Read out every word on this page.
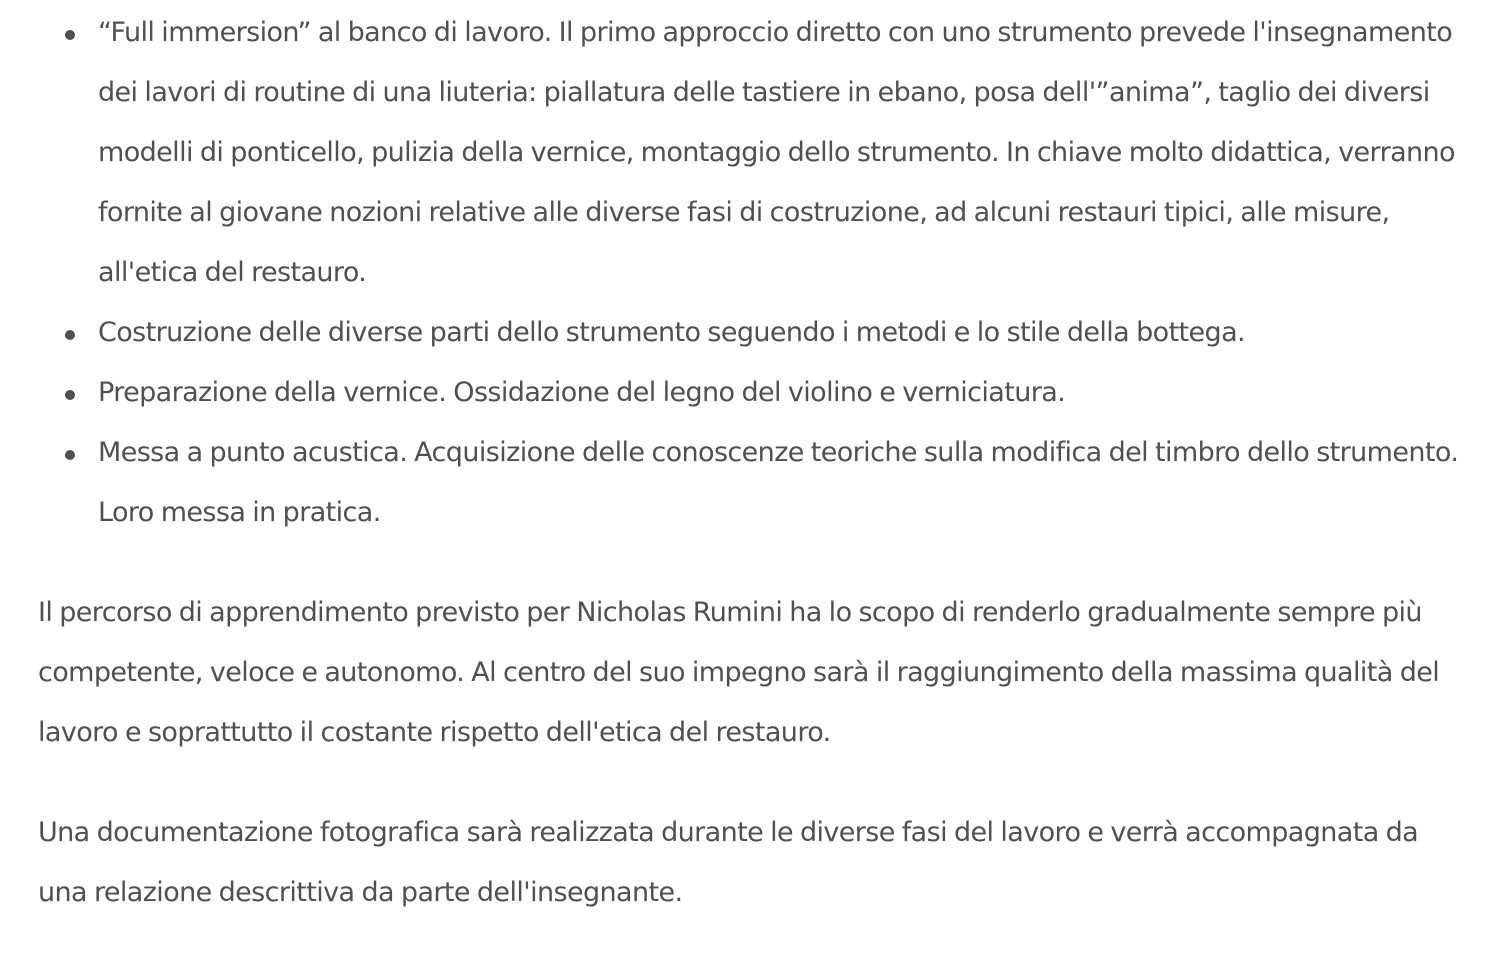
“Full immersion” al banco di lavoro. Il primo approccio diretto con uno strumento prevede l'insegnamento dei lavori di routine di una liuteria: piallatura delle tastiere in ebano, posa dell'”anima”, taglio dei diversi modelli di ponticello, pulizia della vernice, montaggio dello strumento. In chiave molto didattica, verranno fornite al giovane nozioni relative alle diverse fasi di costruzione, ad alcuni restauri tipici, alle misure, all'etica del restauro.
Costruzione delle diverse parti dello strumento seguendo i metodi e lo stile della bottega.
Preparazione della vernice. Ossidazione del legno del violino e verniciatura.
Messa a punto acustica. Acquisizione delle conoscenze teoriche sulla modifica del timbro dello strumento. Loro messa in pratica.

Il percorso di apprendimento previsto per Nicholas Rumini ha lo scopo di renderlo gradualmente sempre più competente, veloce e autonomo. Al centro del suo impegno sarà il raggiungimento della massima qualità del lavoro e soprattutto il costante rispetto dell'etica del restauro.

Una documentazione fotografica sarà realizzata durante le diverse fasi del lavoro e verrà accompagnata da una relazione descrittiva da parte dell'insegnante.
